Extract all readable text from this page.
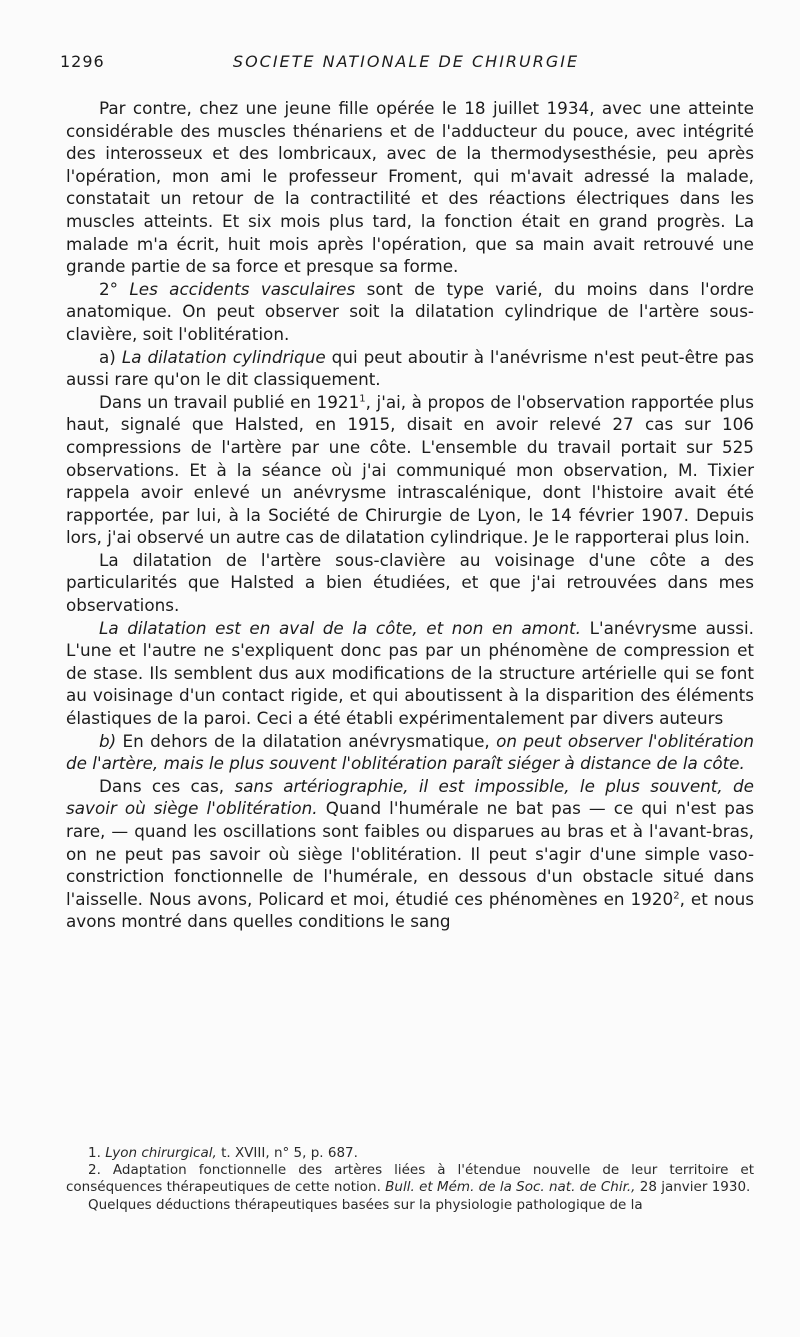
1296	SOCIETE NATIONALE DE CHIRURGIE

Par contre, chez une jeune fille opérée le 18 juillet 1934, avec une atteinte considérable des muscles thénariens et de l'adducteur du pouce, avec intégrité des interosseux et des lombricaux, avec de la thermodysesthésie, peu après l'opération, mon ami le professeur Froment, qui m'avait adressé la malade, constatait un retour de la contractilité et des réactions électriques dans les muscles atteints. Et six mois plus tard, la fonction était en grand progrès. La malade m'a écrit, huit mois après l'opération, que sa main avait retrouvé une grande partie de sa force et presque sa forme.

2° Les accidents vasculaires sont de type varié, du moins dans l'ordre anatomique. On peut observer soit la dilatation cylindrique de l'artère sous-clavière, soit l'oblitération.

a) La dilatation cylindrique qui peut aboutir à l'anévrisme n'est peut-être pas aussi rare qu'on le dit classiquement.

Dans un travail publié en 1921$^1$, j'ai, à propos de l'observation rapportée plus haut, signalé que Halsted, en 1915, disait en avoir relevé 27 cas sur 106 compressions de l'artère par une côte. L'ensemble du travail portait sur 525 observations. Et à la séance où j'ai communiqué mon observation, M. Tixier rappela avoir enlevé un anévrysme intrascalénique, dont l'histoire avait été rapportée, par lui, à la Société de Chirurgie de Lyon, le 14 février 1907. Depuis lors, j'ai observé un autre cas de dilatation cylindrique. Je le rapporterai plus loin.

La dilatation de l'artère sous-clavière au voisinage d'une côte a des particularités que Halsted a bien étudiées, et que j'ai retrouvées dans mes observations.

La dilatation est en aval de la côte, et non en amont. L'anévrysme aussi. L'une et l'autre ne s'expliquent donc pas par un phénomène de compression et de stase. Ils semblent dus aux modifications de la structure artérielle qui se font au voisinage d'un contact rigide, et qui aboutissent à la disparition des éléments élastiques de la paroi. Ceci a été établi expérimentalement par divers auteurs

b) En dehors de la dilatation anévrysmatique, on peut observer l'oblitération de l'artère, mais le plus souvent l'oblitération paraît siéger à distance de la côte.

Dans ces cas, sans artériographie, il est impossible, le plus souvent, de savoir où siège l'oblitération. Quand l'humérale ne bat pas — ce qui n'est pas rare, — quand les oscillations sont faibles ou disparues au bras et à l'avant-bras, on ne peut pas savoir où siège l'oblitération. Il peut s'agir d'une simple vaso-constriction fonctionnelle de l'humérale, en dessous d'un obstacle situé dans l'aisselle. Nous avons, Policard et moi, étudié ces phénomènes en 1920$^2$, et nous avons montré dans quelles conditions le sang

1. Lyon chirurgical, t. XVIII, n° 5, p. 687.

2. Adaptation fonctionnelle des artères liées à l'étendue nouvelle de leur territoire et conséquences thérapeutiques de cette notion. Bull. et Mém. de la Soc. nat. de Chir., 28 janvier 1930.

Quelques déductions thérapeutiques basées sur la physiologie pathologique de la
